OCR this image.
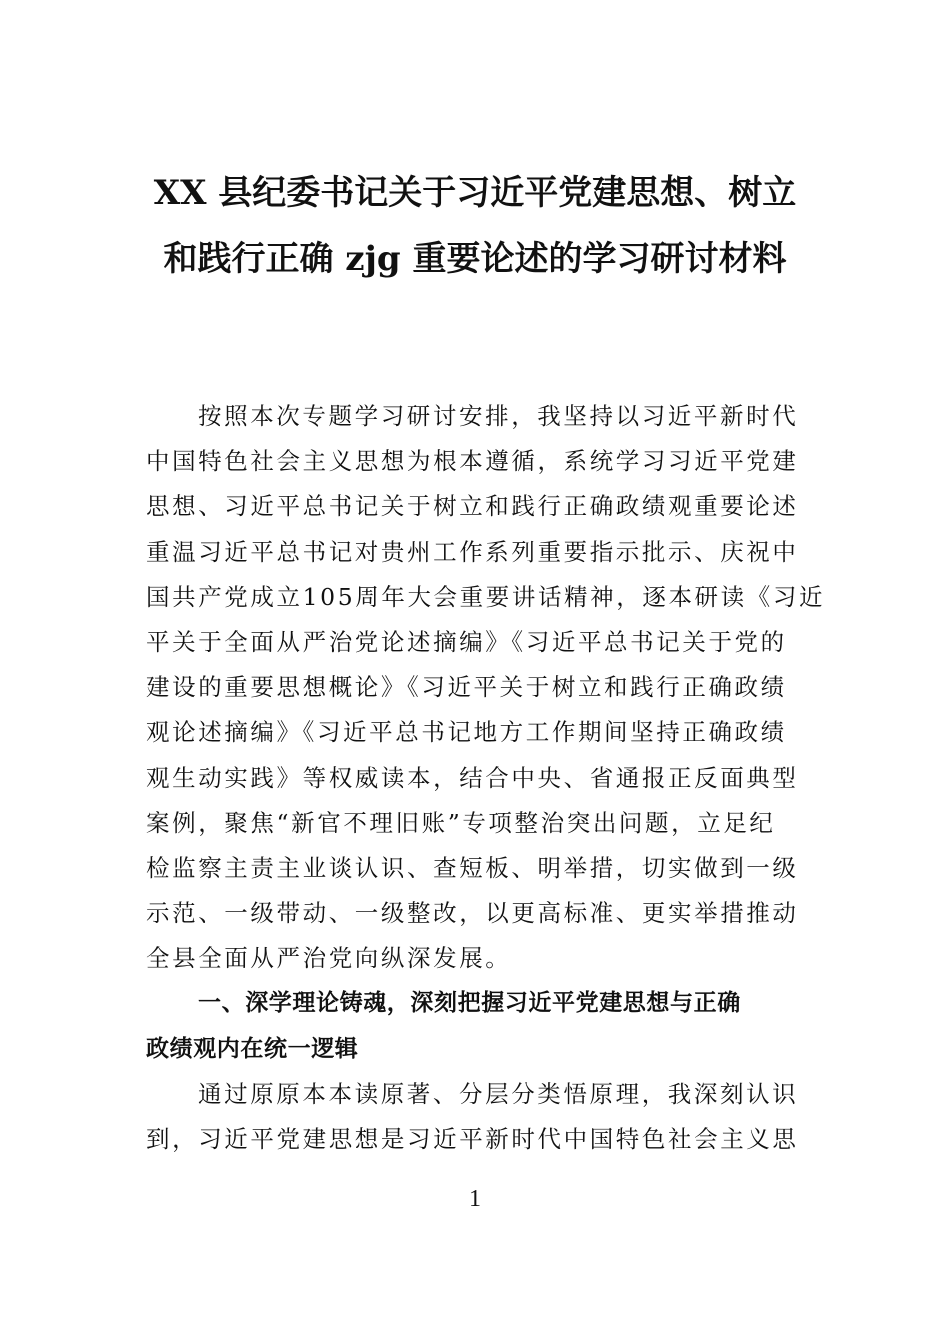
XX 县纪委书记关于习近平党建思想、树立
和践行正确 zjg 重要论述的学习研讨材料
按照本次专题学习研讨安排，我坚持以习近平新时代
中国特色社会主义思想为根本遵循，系统学习习近平党建
思想、习近平总书记关于树立和践行正确政绩观重要论述
重温习近平总书记对贵州工作系列重要指示批示、庆祝中
国共产党成立105周年大会重要讲话精神，逐本研读《习近
平关于全面从严治党论述摘编》《习近平总书记关于党的
建设的重要思想概论》《习近平关于树立和践行正确政绩
观论述摘编》《习近平总书记地方工作期间坚持正确政绩
观生动实践》等权威读本，结合中央、省通报正反面典型
案例，聚焦“新官不理旧账”专项整治突出问题，立足纪
检监察主责主业谈认识、查短板、明举措，切实做到一级
示范、一级带动、一级整改，以更高标准、更实举措推动
全县全面从严治党向纵深发展。
一、深学理论铸魂，深刻把握习近平党建思想与正确
政绩观内在统一逻辑
通过原原本本读原著、分层分类悟原理，我深刻认识
到，习近平党建思想是习近平新时代中国特色社会主义思
1
